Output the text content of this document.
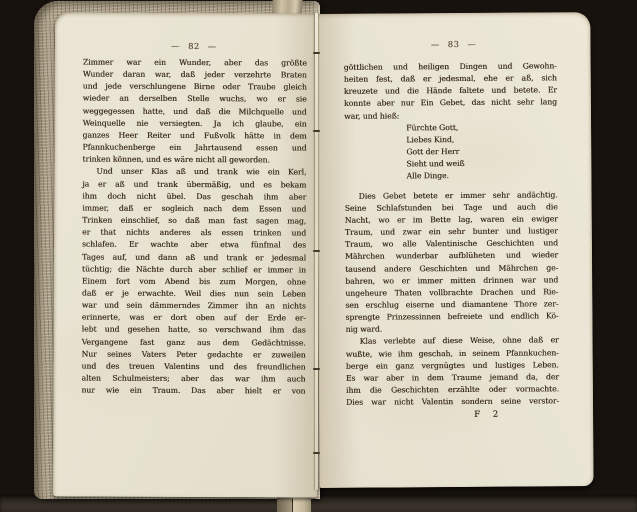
— 82 —
Zimmer war ein Wunder, aber das größte
Wunder daran war, daß jeder verzehrte Braten
und jede verschlungene Birne oder Traube gleich
wieder an derselben Stelle wuchs, wo er sie
weggegessen hatte, und daß die Milchquelle und
Weinquelle nie versiegten. Ja ich glaube, ein
ganzes Heer Reiter und Fußvolk hätte in dem
Pfannkuchenberge ein Jahrtausend essen und
trinken können, und es wäre nicht all geworden.
Und unser Klas aß und trank wie ein Kerl,
ja er aß und trank übermäßig, und es bekam
ihm doch nicht übel. Das geschah ihm aber
immer, daß er sogleich nach dem Essen und
Trinken einschlief, so daß man fast sagen mag,
er that nichts anderes als essen trinken und
schlafen. Er wachte aber etwa fünfmal des
Tages auf, und dann aß und trank er jedesmal
tüchtig; die Nächte durch aber schlief er immer in
Einem fort vom Abend bis zum Morgen, ohne
daß er je erwachte. Weil dies nun sein Leben
war und sein dämmerndes Zimmer ihn an nichts
erinnerte, was er dort oben auf der Erde er-
lebt und gesehen hatte, so verschwand ihm das
Vergangene fast ganz aus dem Gedächtnisse.
Nur seines Vaters Peter gedachte er zuweilen
und des treuen Valentins und des freundlichen
alten Schulmeisters; aber das war ihm auch
nur wie ein Traum. Das aber hielt er von
— 83 —
göttlichen und heiligen Dingen und Gewohn-
heiten fest, daß er jedesmal, ehe er aß, sich
kreuzete und die Hände faltete und betete. Er
konnte aber nur Ein Gebet, das nicht sehr lang
war, und hieß:
Fürchte Gott,
Liebes Kind,
Gott der Herr
Sieht und weiß
Alle Dinge.
Dies Gebet betete er immer sehr andächtig.
Seine Schlafstunden bei Tage und auch die
Nacht, wo er im Bette lag, waren ein ewiger
Traum, und zwar ein sehr bunter und lustiger
Traum, wo alle Valentinische Geschichten und
Mährchen wunderbar aufblüheten und wieder
tausend andere Geschichten und Mährchen ge-
bahren, wo er immer mitten drinnen war und
ungeheure Thaten vollbrachte Drachen und Rie-
sen erschlug eiserne und diamantene Thore zer-
sprengte Prinzessinnen befreiete und endlich Kö-
nig ward.
Klas verlebte auf diese Weise, ohne daß er
wußte, wie ihm geschah, in seinem Pfannkuchen-
berge ein ganz vergnügtes und lustiges Leben.
Es war aber in dem Traume jemand da, der
ihm die Geschichten erzählte oder vormachte.
Dies war nicht Valentin sondern seine verstor-
F 2
